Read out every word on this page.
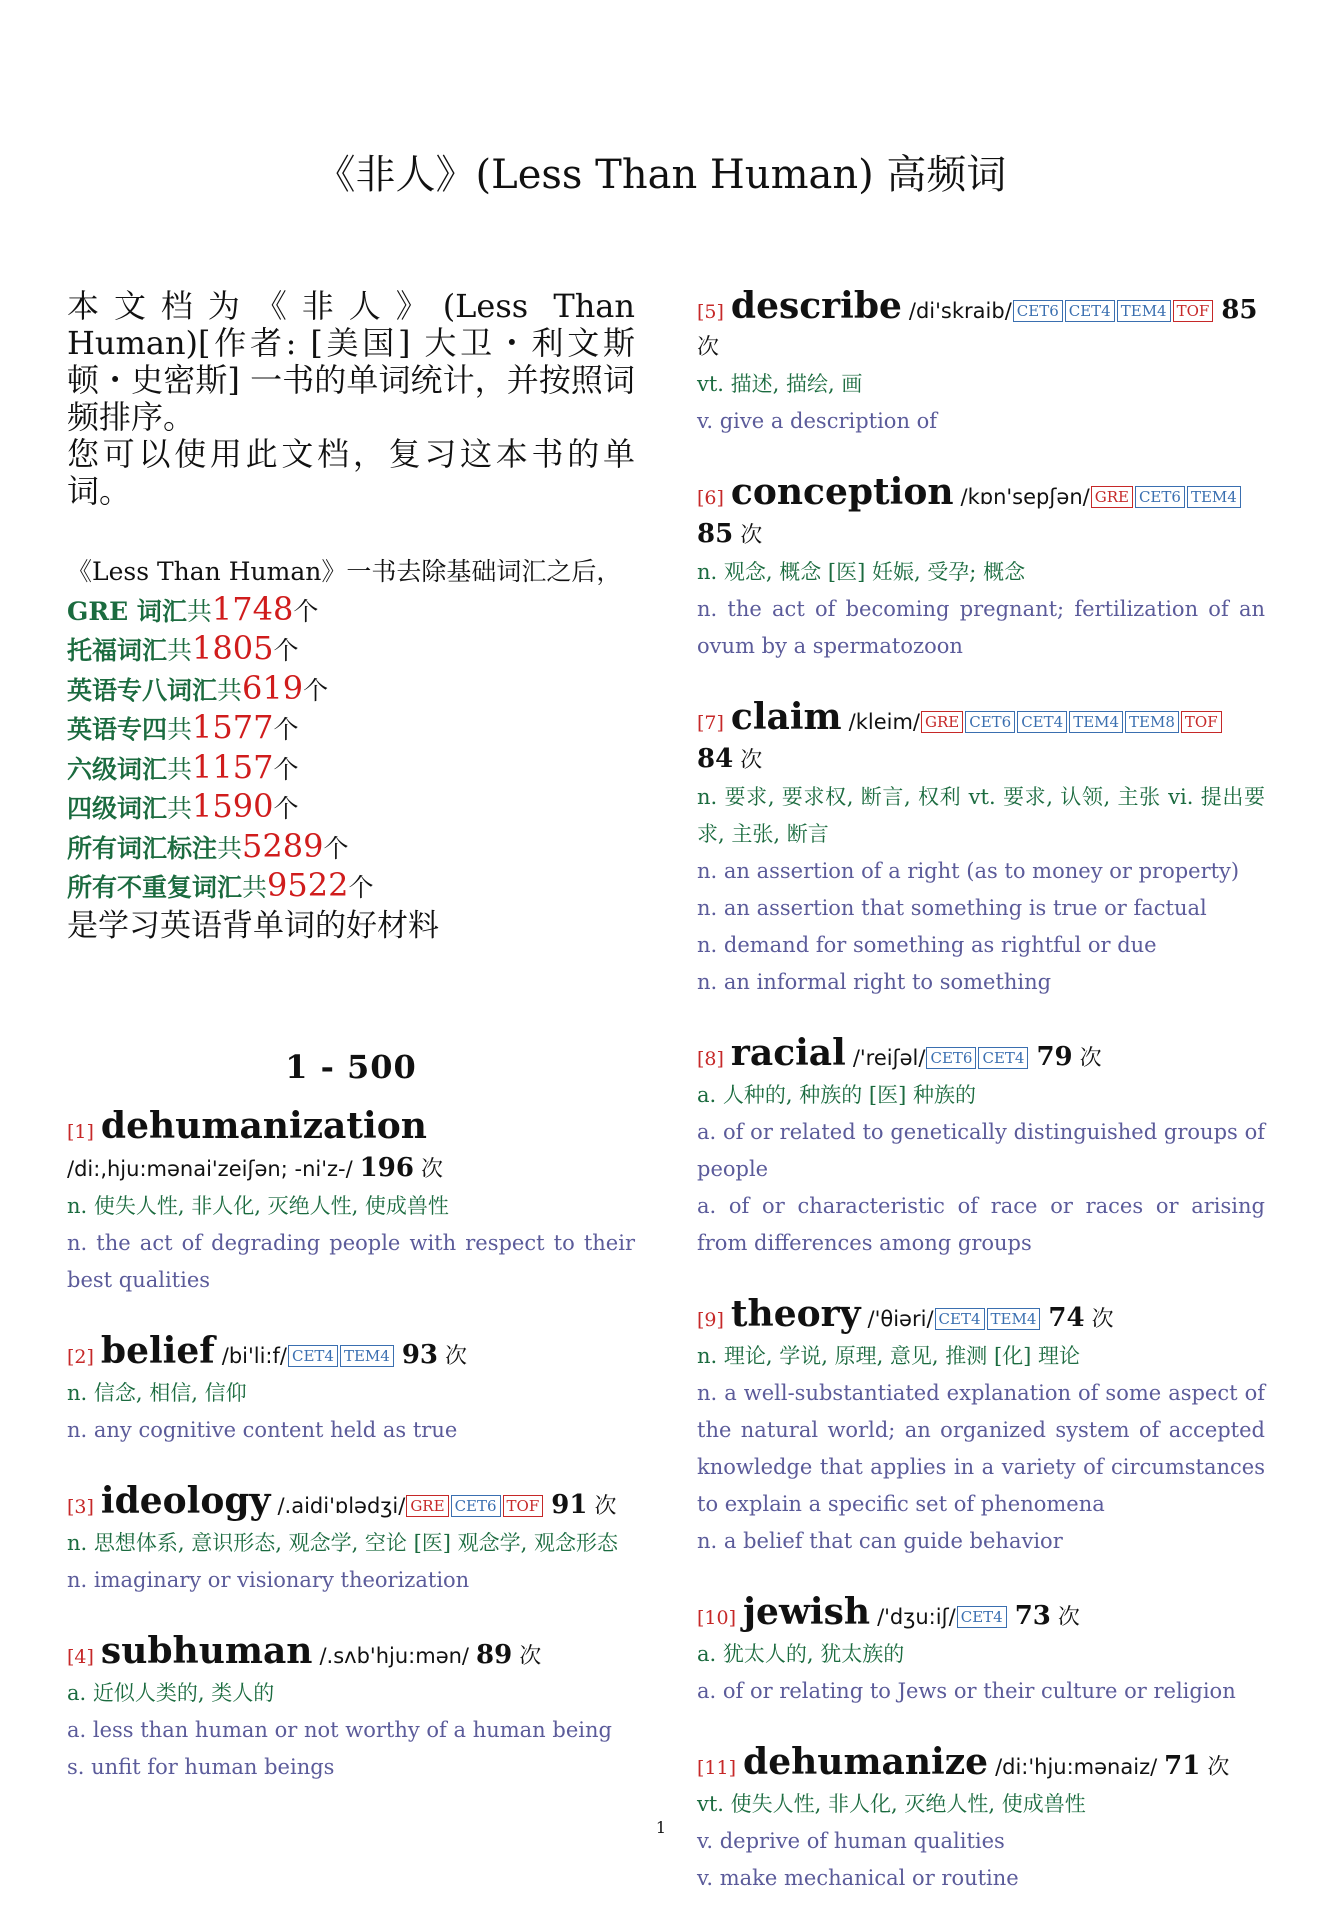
《非人》(Less Than Human) 高频词

本文档为《非人》(Less Than Human)[作者: [美国] 大卫・利文斯顿・史密斯] 一书的单词统计，并按照词频排序。

您可以使用此文档，复习这本书的单词。

《Less Than Human》一书去除基础词汇之后，
GRE 词汇共1748个
托福词汇共1805个
英语专八词汇共619个
英语专四共1577个
六级词汇共1157个
四级词汇共1590个
所有词汇标注共5289个
所有不重复词汇共9522个
是学习英语背单词的好材料
1 - 500
[1] dehumanization /di:,hju:mənai'zeiʃən; -ni'z-/ 196 次

n. 使失人性, 非人化, 灭绝人性, 使成兽性

n. the act of degrading people with respect to their best qualities

[2] belief /bi'li:f/ CET4 TEM4 93 次

n. 信念, 相信, 信仰

n. any cognitive content held as true

[3] ideology /.aidi'ɒlədʒi/ GRE CET6 TOF 91 次

n. 思想体系, 意识形态, 观念学, 空论 [医] 观念学, 观念形态

n. imaginary or visionary theorization

[4] subhuman /.sʌb'hju:mən/ 89 次

a. 近似人类的, 类人的

a. less than human or not worthy of a human being

s. unfit for human beings

[5] describe /di'skraib/ CET6 CET4 TEM4 TOF 85 次

vt. 描述, 描绘, 画

v. give a description of

[6] conception /kɒn'sepʃən/ GRE CET6 TEM4 85 次

n. 观念, 概念 [医] 妊娠, 受孕; 概念

n. the act of becoming pregnant; fertilization of an ovum by a spermatozoon

[7] claim /kleim/ GRE CET6 CET4 TEM4 TEM8 TOF 84 次

n. 要求, 要求权, 断言, 权利 vt. 要求, 认领, 主张 vi. 提出要求, 主张, 断言

n. an assertion of a right (as to money or property)

n. an assertion that something is true or factual

n. demand for something as rightful or due

n. an informal right to something

[8] racial /'reiʃəl/ CET6 CET4 79 次

a. 人种的, 种族的 [医] 种族的

a. of or related to genetically distinguished groups of people

a. of or characteristic of race or races or arising from differences among groups

[9] theory /'θiəri/ CET4 TEM4 74 次

n. 理论, 学说, 原理, 意见, 推测 [化] 理论

n. a well-substantiated explanation of some aspect of the natural world; an organized system of accepted knowledge that applies in a variety of circumstances to explain a specific set of phenomena

n. a belief that can guide behavior

[10] jewish /'dʒu:iʃ/ CET4 73 次

a. 犹太人的, 犹太族的

a. of or relating to Jews or their culture or religion

[11] dehumanize /di:'hju:mənaiz/ 71 次

vt. 使失人性, 非人化, 灭绝人性, 使成兽性

v. deprive of human qualities

v. make mechanical or routine

1
